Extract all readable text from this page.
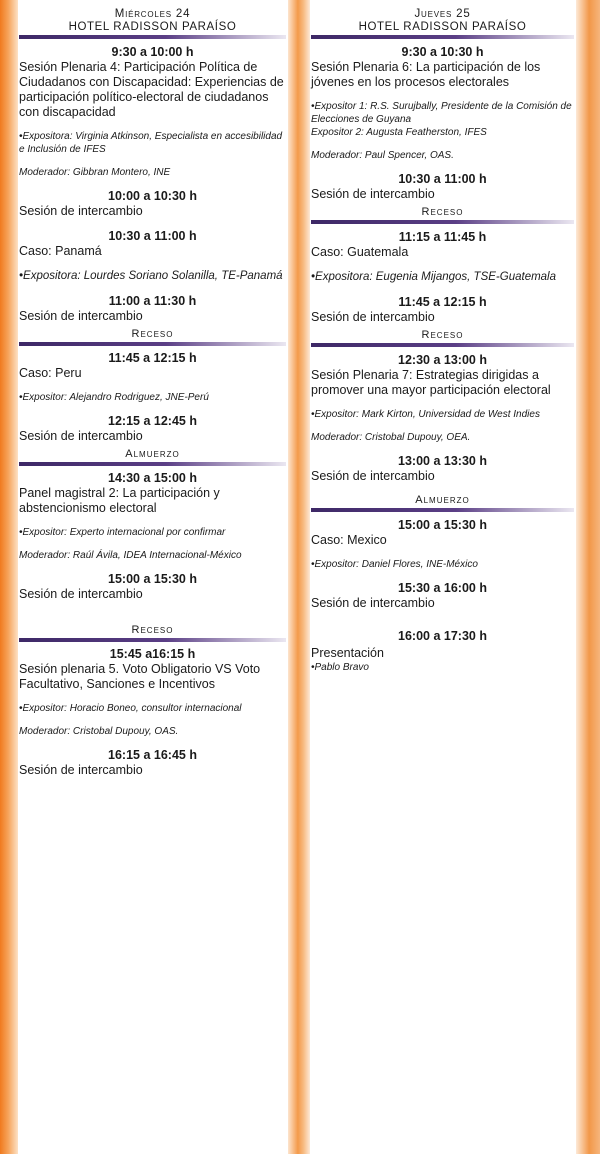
Miércoles 24
HOTEL RADISSON PARAÍSO
9:30 a 10:00 h
Sesión Plenaria 4: Participación Política de Ciudadanos con Discapacidad: Experiencias de participación político-electoral de ciudadanos con discapacidad
•Expositora: Virginia Atkinson, Especialista en accesibilidad e Inclusión de IFES
Moderador: Gibbran Montero, INE
10:00 a 10:30 h
Sesión de intercambio
10:30 a 11:00 h
Caso: Panamá
•Expositora: Lourdes Soriano Solanilla, TE-Panamá
11:00 a 11:30 h
Sesión de intercambio
Receso
11:45 a 12:15 h
Caso: Peru
•Expositor: Alejandro Rodriguez, JNE-Perú
12:15 a 12:45 h
Sesión de intercambio
Almuerzo
14:30 a 15:00 h
Panel magistral 2: La participación y abstencionismo electoral
•Expositor: Experto internacional por confirmar
Moderador: Raúl Ávila, IDEA Internacional-México
15:00 a 15:30 h
Sesión de intercambio
Receso
15:45 a16:15 h
Sesión plenaria 5. Voto Obligatorio VS Voto Facultativo, Sanciones e Incentivos
•Expositor: Horacio Boneo, consultor internacional
Moderador: Cristobal Dupouy, OAS.
16:15 a 16:45 h
Sesión de intercambio
Jueves 25
HOTEL RADISSON PARAÍSO
9:30 a 10:30 h
Sesión Plenaria 6: La participación de los jóvenes en los procesos electorales
•Expositor 1: R.S. Surujbally, Presidente de la Comisión de Elecciones de Guyana
Expositor 2: Augusta Featherston, IFES
Moderador: Paul Spencer, OAS.
10:30 a 11:00 h
Sesión de intercambio
Receso
11:15 a 11:45 h
Caso: Guatemala
•Expositora: Eugenia Mijangos, TSE-Guatemala
11:45 a 12:15 h
Sesión de intercambio
Receso
12:30 a 13:00 h
Sesión Plenaria 7: Estrategias dirigidas a promover una mayor participación electoral
•Expositor: Mark Kirton, Universidad de West Indies
Moderador: Cristobal Dupouy, OEA.
13:00 a 13:30 h
Sesión de intercambio
Almuerzo
15:00 a 15:30 h
Caso: Mexico
•Expositor: Daniel Flores, INE-México
15:30 a 16:00 h
Sesión de intercambio
16:00 a 17:30 h
Presentación
•Pablo Bravo
